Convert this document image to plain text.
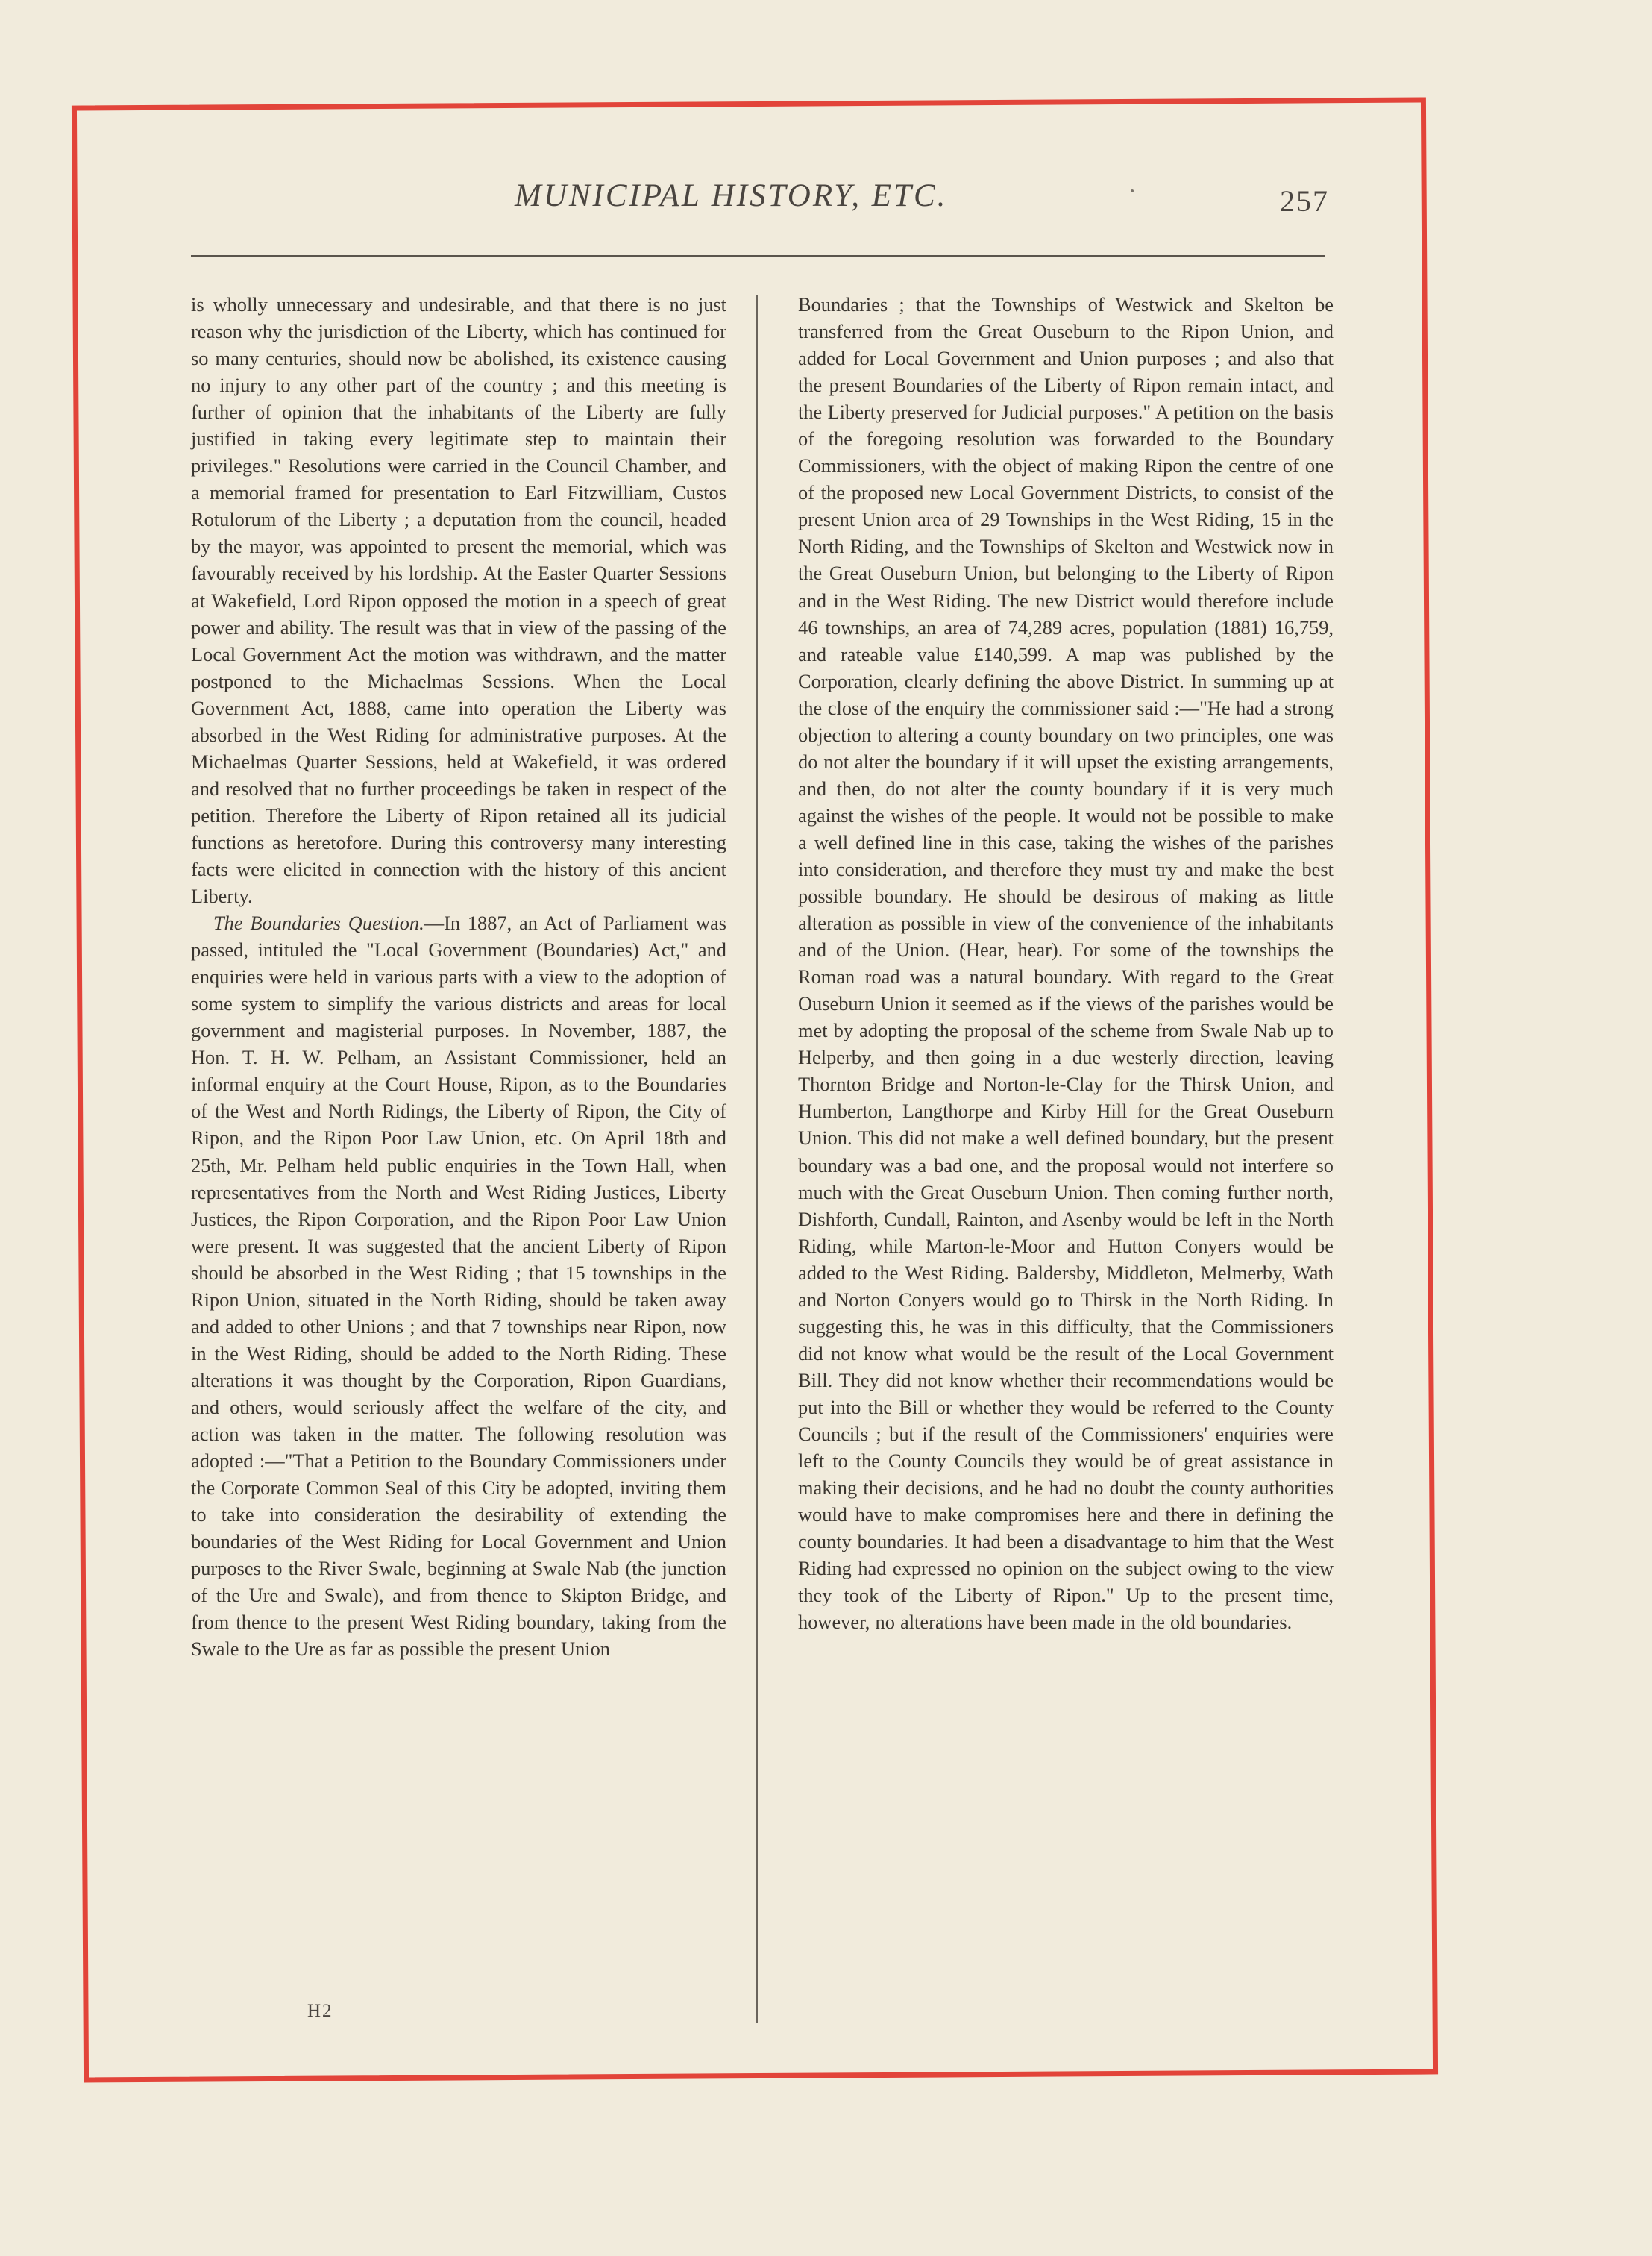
MUNICIPAL HISTORY, ETC.	257

is wholly unnecessary and undesirable, and that there is no just reason why the jurisdiction of the Liberty, which has continued for so many centuries, should now be abolished, its existence causing no injury to any other part of the country ; and this meeting is further of opinion that the inhabitants of the Liberty are fully justified in taking every legitimate step to maintain their privileges." Resolutions were carried in the Council Chamber, and a memorial framed for presentation to Earl Fitzwilliam, Custos Rotulorum of the Liberty ; a deputation from the council, headed by the mayor, was appointed to present the memorial, which was favourably received by his lordship. At the Easter Quarter Sessions at Wakefield, Lord Ripon opposed the motion in a speech of great power and ability. The result was that in view of the passing of the Local Government Act the motion was withdrawn, and the matter postponed to the Michaelmas Sessions. When the Local Government Act, 1888, came into operation the Liberty was absorbed in the West Riding for administrative purposes. At the Michaelmas Quarter Sessions, held at Wakefield, it was ordered and resolved that no further proceedings be taken in respect of the petition. Therefore the Liberty of Ripon retained all its judicial functions as heretofore. During this controversy many interesting facts were elicited in connection with the history of this ancient Liberty.

The Boundaries Question.—In 1887, an Act of Parliament was passed, intituled the "Local Government (Boundaries) Act," and enquiries were held in various parts with a view to the adoption of some system to simplify the various districts and areas for local government and magisterial purposes. In November, 1887, the Hon. T. H. W. Pelham, an Assistant Commissioner, held an informal enquiry at the Court House, Ripon, as to the Boundaries of the West and North Ridings, the Liberty of Ripon, the City of Ripon, and the Ripon Poor Law Union, etc. On April 18th and 25th, Mr. Pelham held public enquiries in the Town Hall, when representatives from the North and West Riding Justices, Liberty Justices, the Ripon Corporation, and the Ripon Poor Law Union were present. It was suggested that the ancient Liberty of Ripon should be absorbed in the West Riding ; that 15 townships in the Ripon Union, situated in the North Riding, should be taken away and added to other Unions ; and that 7 townships near Ripon, now in the West Riding, should be added to the North Riding. These alterations it was thought by the Corporation, Ripon Guardians, and others, would seriously affect the welfare of the city, and action was taken in the matter. The following resolution was adopted :—"That a Petition to the Boundary Commissioners under the Corporate Common Seal of this City be adopted, inviting them to take into consideration the desirability of extending the boundaries of the West Riding for Local Government and Union purposes to the River Swale, beginning at Swale Nab (the junction of the Ure and Swale), and from thence to Skipton Bridge, and from thence to the present West Riding boundary, taking from the Swale to the Ure as far as possible the present Union

Boundaries ; that the Townships of Westwick and Skelton be transferred from the Great Ouseburn to the Ripon Union, and added for Local Government and Union purposes ; and also that the present Boundaries of the Liberty of Ripon remain intact, and the Liberty preserved for Judicial purposes." A petition on the basis of the foregoing resolution was forwarded to the Boundary Commissioners, with the object of making Ripon the centre of one of the proposed new Local Government Districts, to consist of the present Union area of 29 Townships in the West Riding, 15 in the North Riding, and the Townships of Skelton and Westwick now in the Great Ouseburn Union, but belonging to the Liberty of Ripon and in the West Riding. The new District would therefore include 46 townships, an area of 74,289 acres, population (1881) 16,759, and rateable value £140,599. A map was published by the Corporation, clearly defining the above District. In summing up at the close of the enquiry the commissioner said :—"He had a strong objection to altering a county boundary on two principles, one was do not alter the boundary if it will upset the existing arrangements, and then, do not alter the county boundary if it is very much against the wishes of the people. It would not be possible to make a well defined line in this case, taking the wishes of the parishes into consideration, and therefore they must try and make the best possible boundary. He should be desirous of making as little alteration as possible in view of the convenience of the inhabitants and of the Union. (Hear, hear). For some of the townships the Roman road was a natural boundary. With regard to the Great Ouseburn Union it seemed as if the views of the parishes would be met by adopting the proposal of the scheme from Swale Nab up to Helperby, and then going in a due westerly direction, leaving Thornton Bridge and Norton-le-Clay for the Thirsk Union, and Humberton, Langthorpe and Kirby Hill for the Great Ouseburn Union. This did not make a well defined boundary, but the present boundary was a bad one, and the proposal would not interfere so much with the Great Ouseburn Union. Then coming further north, Dishforth, Cundall, Rainton, and Asenby would be left in the North Riding, while Marton-le-Moor and Hutton Conyers would be added to the West Riding. Baldersby, Middleton, Melmerby, Wath and Norton Conyers would go to Thirsk in the North Riding. In suggesting this, he was in this difficulty, that the Commissioners did not know what would be the result of the Local Government Bill. They did not know whether their recommendations would be put into the Bill or whether they would be referred to the County Councils ; but if the result of the Commissioners' enquiries were left to the County Councils they would be of great assistance in making their decisions, and he had no doubt the county authorities would have to make compromises here and there in defining the county boundaries. It had been a disadvantage to him that the West Riding had expressed no opinion on the subject owing to the view they took of the Liberty of Ripon." Up to the present time, however, no alterations have been made in the old boundaries.

H2
